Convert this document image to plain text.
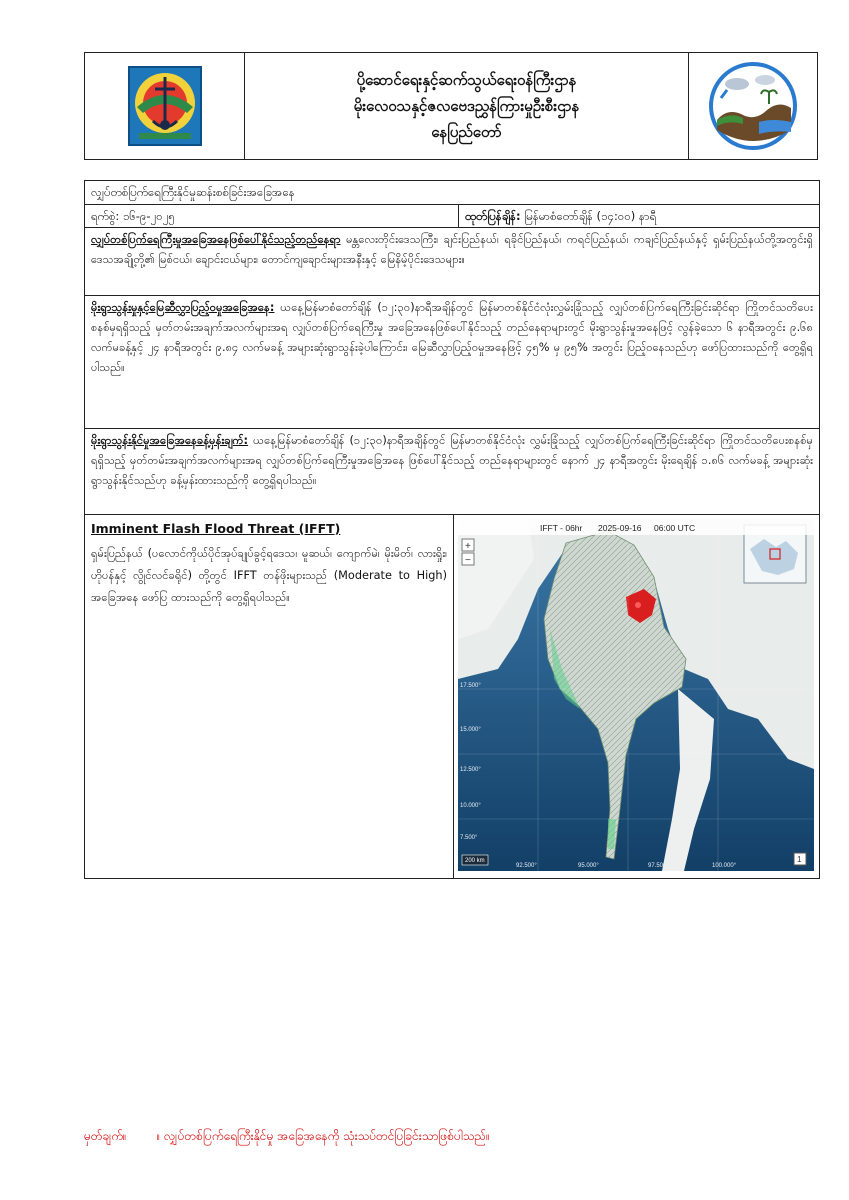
ပို့ဆောင်ရေးနှင့်ဆက်သွယ်ရေးဝန်ကြီးဌာန
မိုးလေဝသနှင့်ဇလဗေဒညွှန်ကြားမှုဦးစီးဌာန
နေပြည်တော်
လျှပ်တစ်ပြက်ရေကြီးနိုင်မှုဆန်းစစ်ခြင်းအခြေအနေ
ရက်စွဲ: ၁၆-၉-၂၀၂၅	ထုတ်ပြန်ချိန်:
မြန်မာစံတော်ချိန် (၁၄:၀၀) နာရီ
လျှပ်တစ်ပြက်ရေကြီးမှုအခြေအနေဖြစ်ပေါ်နိုင်သည့်တည်နေရာ မန္တလေးတိုင်းဒေသကြီး၊ ချင်းပြည်နယ်၊ ရခိုင်ပြည်နယ်၊ ကရင်ပြည်နယ်၊ ကချင်ပြည်နယ်နှင့် ရှမ်းပြည်နယ်တို့အတွင်းရှိ ဒေသအချို့တို့၏ မြစ်ငယ်၊ ချောင်းငယ်များ၊ တောင်ကျချောင်းများအနီးနှင့် မြေနိမ့်ပိုင်းဒေသများ။
မိုးရွာသွန်းမှုနှင့်မြေဆီလွှာပြည့်ဝမှုအခြေအနေ: ယနေ့မြန်မာစံတော်ချိန် (၁၂:၃၀)နာရီအချိန်တွင် မြန်မာတစ်နိုင်ငံလုံးလွှမ်းခြုံသည့် လျှပ်တစ်ပြက်ရေကြီးခြင်းဆိုင်ရာ ကြိုတင်သတိပေးစနစ်မှရရှိသည့် မှတ်တမ်းအချက်အလက်များအရ လျှပ်တစ်ပြက်ရေကြီးမှု အခြေအနေဖြစ်ပေါ်နိုင်သည့် တည်နေရာများတွင် မိုးရွာသွန်းမှုအနေဖြင့် လွန်ခဲ့သော ၆ နာရီအတွင်း ၉.၆၈ လက်မခန့်နှင့် ၂၄ နာရီအတွင်း ၉.၈၄ လက်မခန့် အများဆုံးရွာသွန်းခဲ့ပါကြောင်း၊ မြေဆီလွှာပြည့်ဝမှုအနေဖြင့် ၄၅% မှ ၉၅% အတွင်း ပြည့်ဝနေသည်ဟု ဖော်ပြထားသည်ကို တွေ့ရှိရပါသည်။
မိုးရွာသွန်းနိုင်မှုအခြေအနေခန့်မှန်းချက်: ယနေ့မြန်မာစံတော်ချိန် (၁၂:၃၀)နာရီအချိန်တွင် မြန်မာတစ်နိုင်ငံလုံး လွှမ်းခြုံသည့် လျှပ်တစ်ပြက်ရေကြီးခြင်းဆိုင်ရာ ကြိုတင်သတိပေးစနစ်မှရရှိသည့် မှတ်တမ်းအချက်အလက်များအရ လျှပ်တစ်ပြက်ရေကြီးမှုအခြေအနေ ဖြစ်ပေါ်နိုင်သည့် တည်နေရာများတွင် နောက် ၂၄ နာရီအတွင်း မိုးရေချိန် ၁.၈၆ လက်မခန့် အများဆုံး ရွာသွန်းနိုင်သည်ဟု ခန့်မှန်းထားသည်ကို တွေ့ရှိရပါသည်။
Imminent Flash Flood Threat (IFFT)
ရှမ်းပြည်နယ် (ပလောင်ကိုယ်ပိုင်အုပ်ချုပ်ခွင့်ရဒေသ၊ မူဆယ်၊ ကျောက်မဲ၊ မိုးမိတ်၊ လားရှိုး၊ ဟိုပန်နှင့် လွိုင်လင်ခရိုင်) တို့တွင် IFFT တန်ဖိုးများသည် (Moderate to High) အခြေအနေ ဖော်ပြ ထားသည်ကို တွေ့ရှိရပါသည်။
IFFT - 06hr 2025-09-16 06:00 UTC
+
−
17.500°
15.000°
12.500°
10.000°
7.500°
92.500°	95.000°	97.500°	100.000°
200 km	1
မှတ်ချက်။	။ လျှပ်တစ်ပြက်ရေကြီးနိုင်မှု အခြေအနေကို သုံးသပ်တင်ပြခြင်းသာဖြစ်ပါသည်။
